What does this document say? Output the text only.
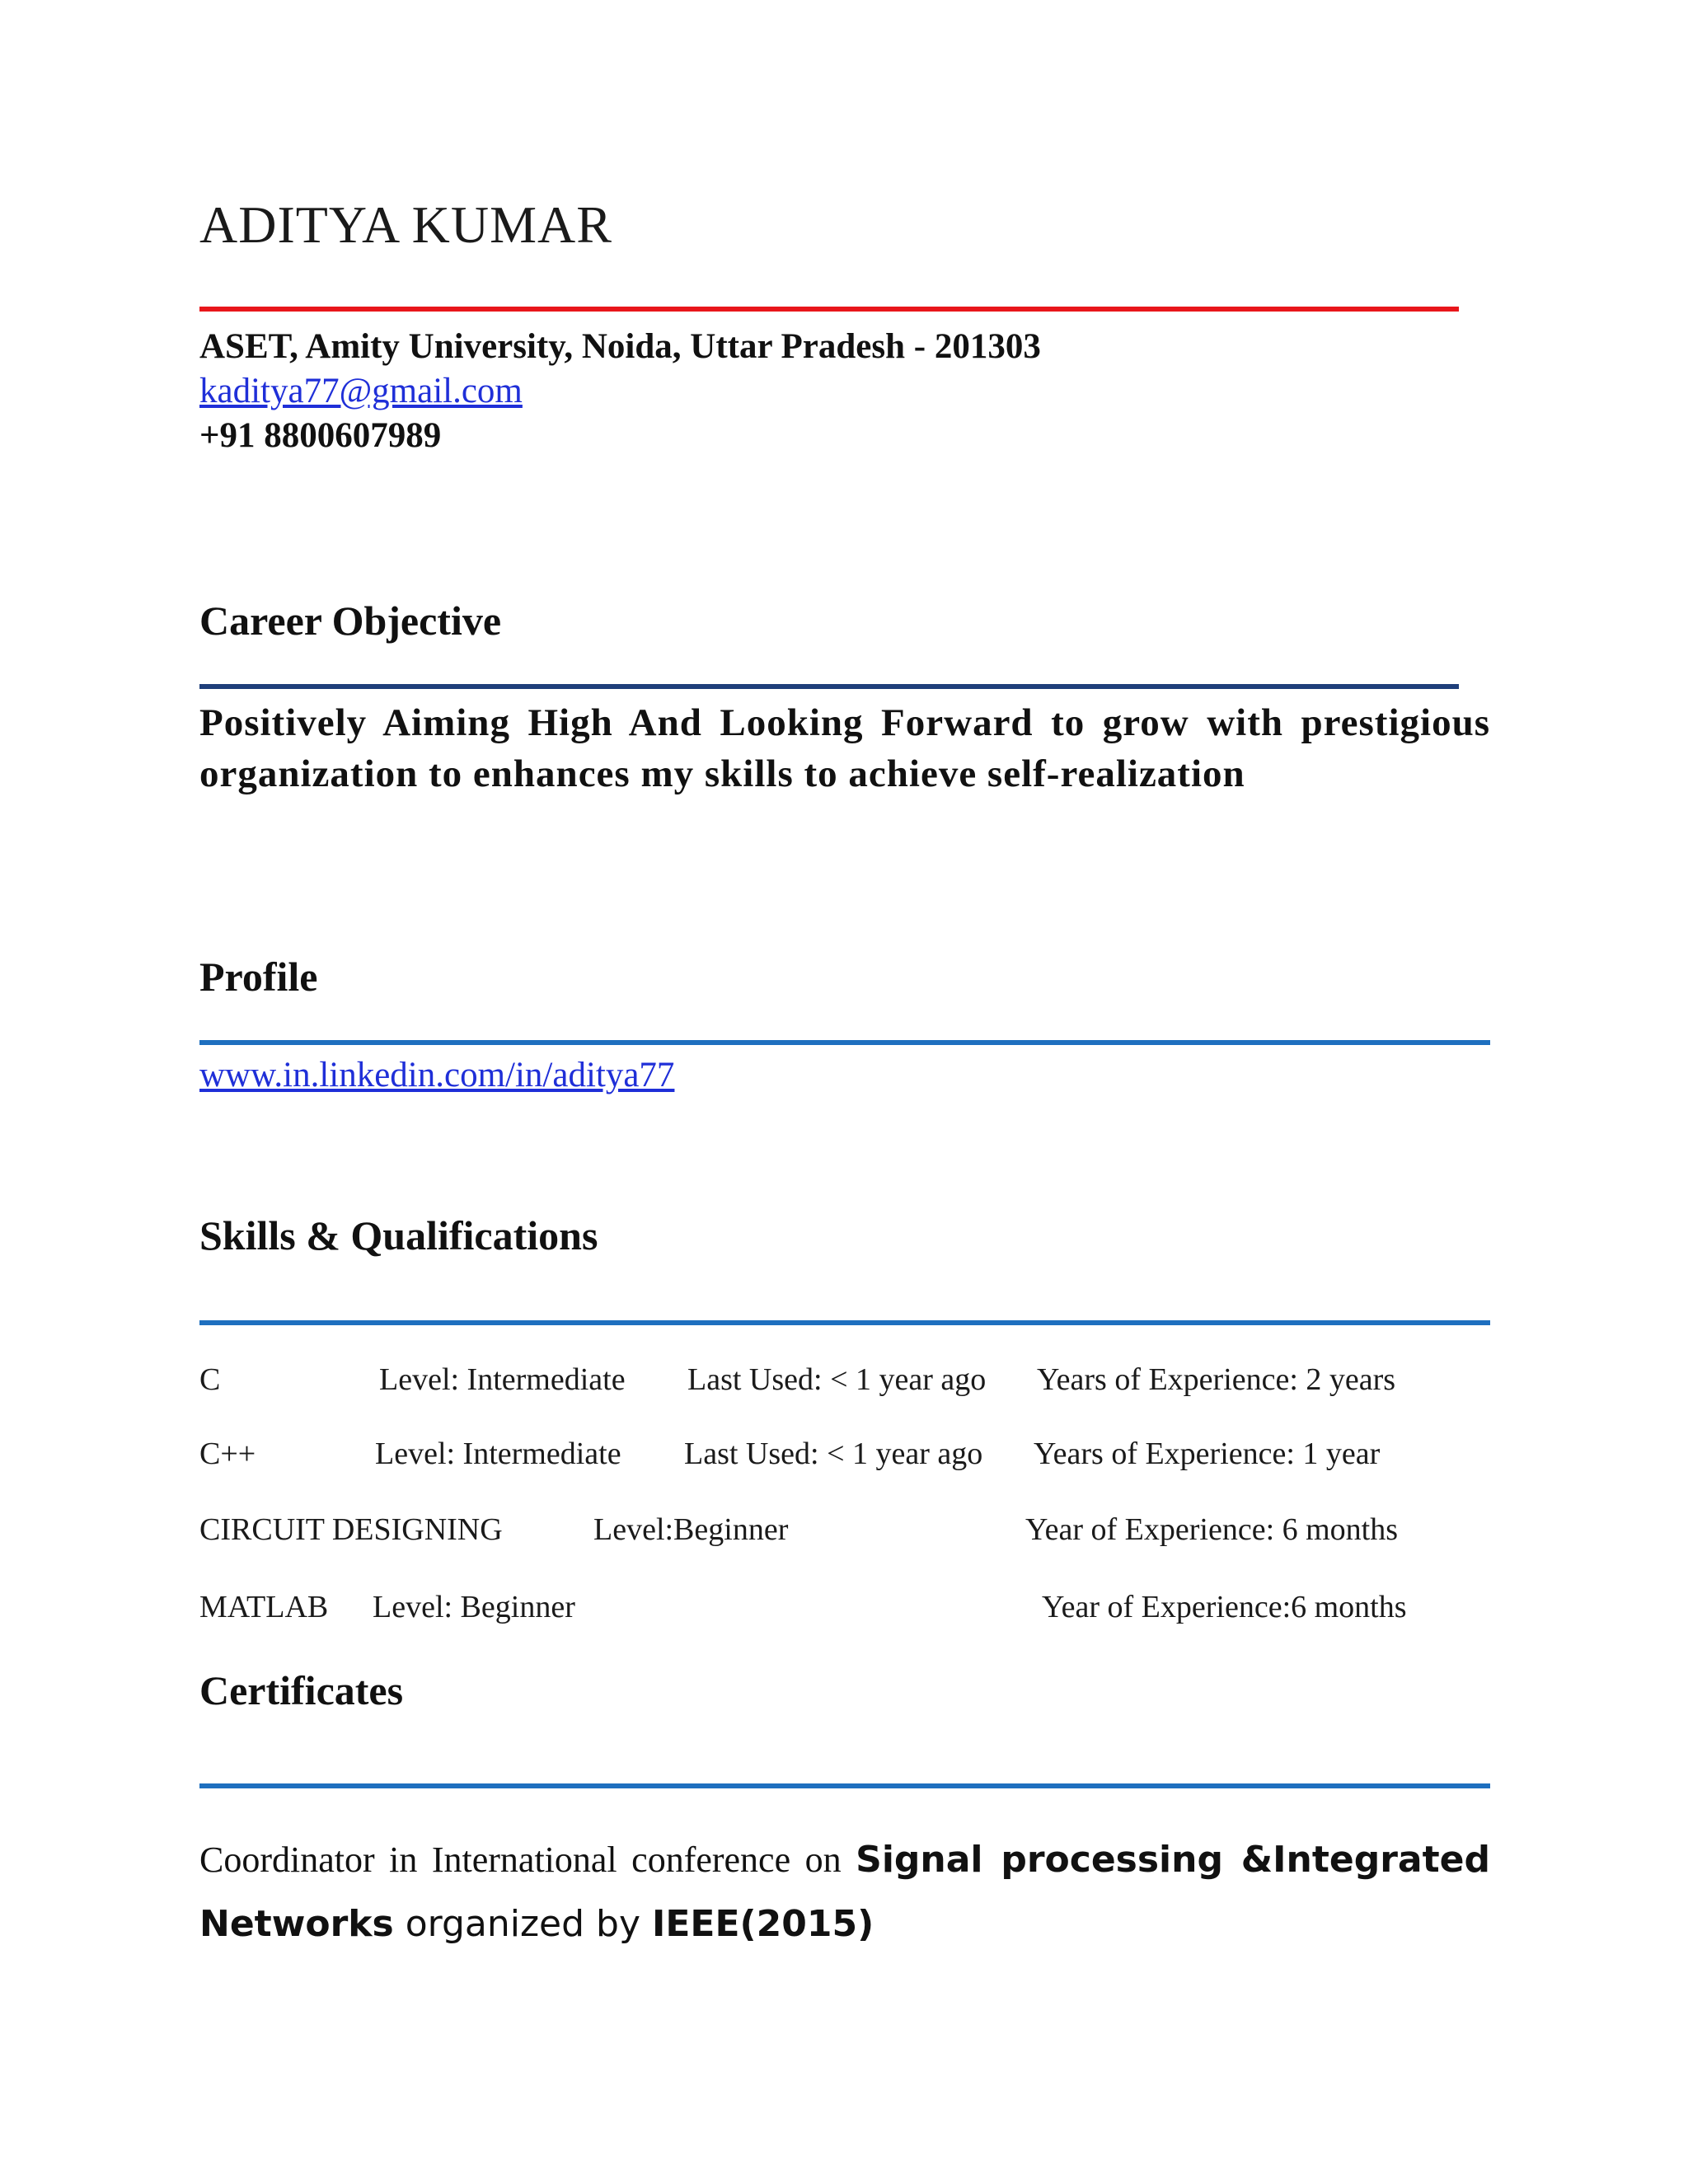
ADITYA KUMAR
ASET, Amity University, Noida, Uttar Pradesh - 201303
kaditya77@gmail.com
+91 8800607989
Career Objective
Positively Aiming High And Looking Forward to grow with prestigious organization to enhances my skills to achieve self-realization
Profile
www.in.linkedin.com/in/aditya77
Skills & Qualifications
C	Level: Intermediate Last Used: < 1 year ago Years of Experience: 2 years
C++	Level: Intermediate Last Used: < 1 year ago Years of Experience: 1 year
CIRCUIT DESIGNING	Level:Beginner	Year of Experience: 6 months
MATLAB Level: Beginner	Year of Experience:6 months
Certificates
Coordinator in International conference on Signal processing &Integrated Networks organized by IEEE(2015)
